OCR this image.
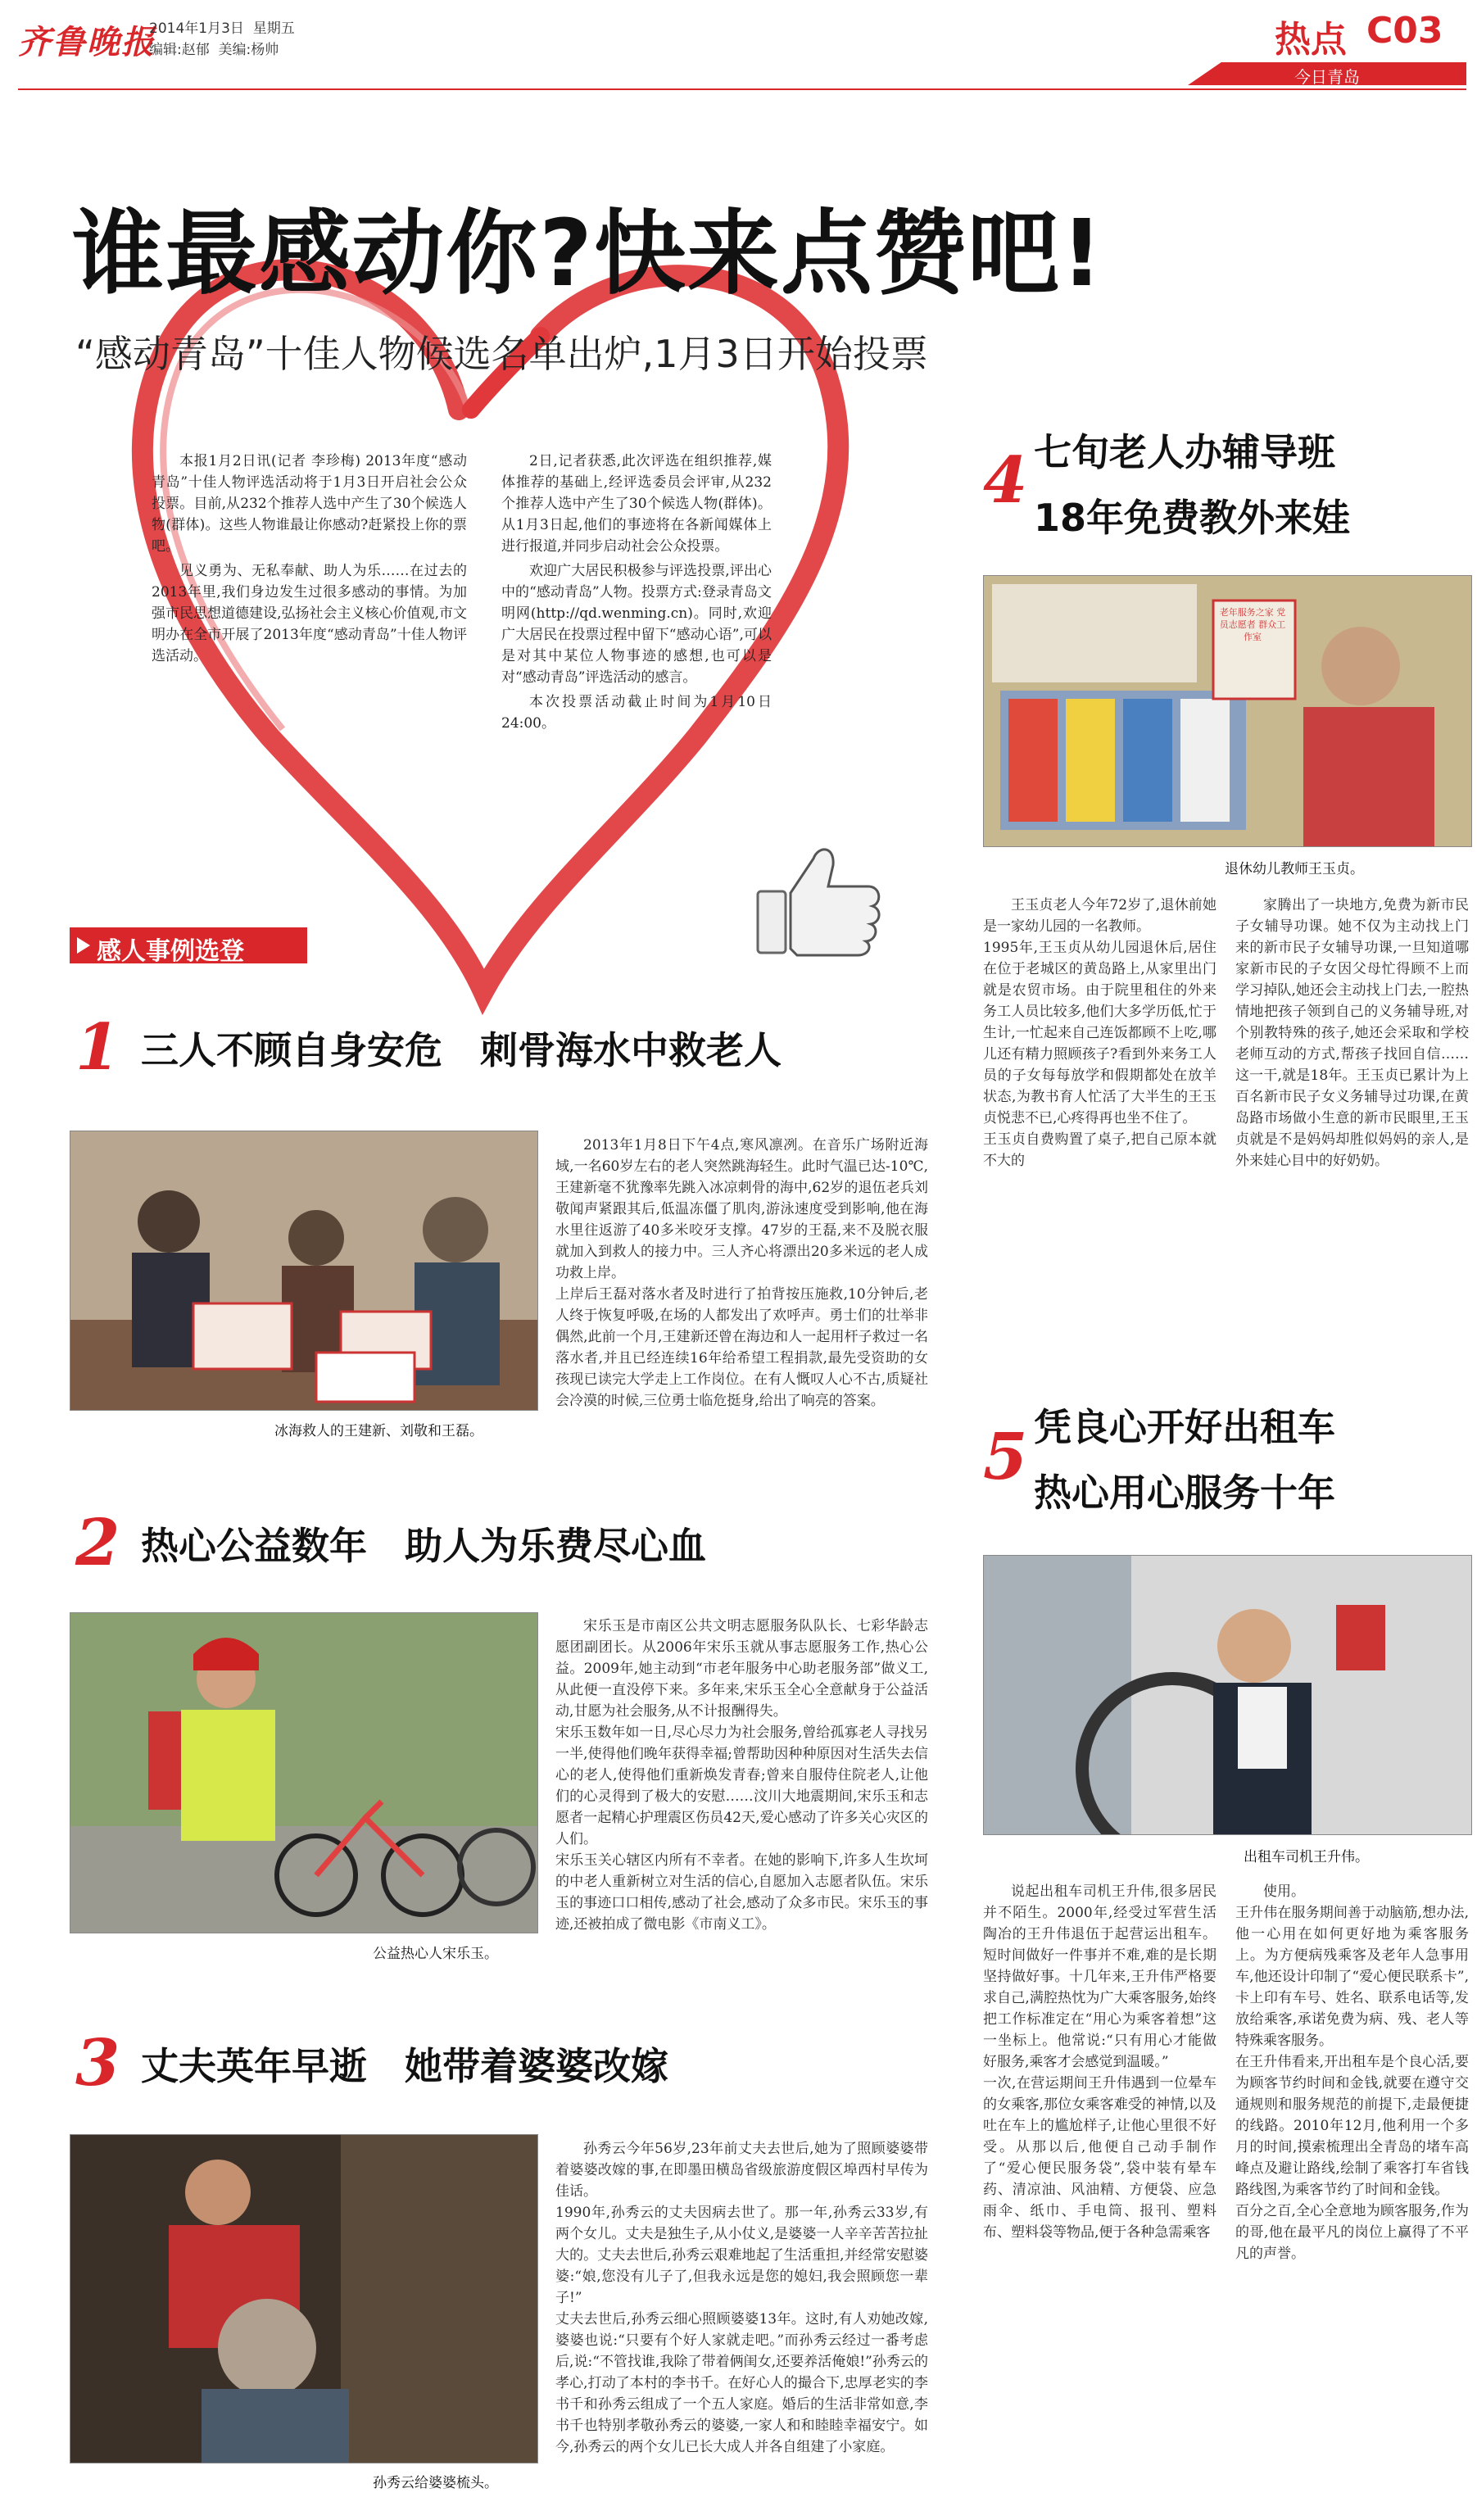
齐鲁晚报
2014年1月3日 星期五
编辑:赵郁 美编:杨帅	热点 C03
今日青岛
谁最感动你?快来点赞吧!
“感动青岛”十佳人物候选名单出炉,1月3日开始投票
本报1月2日讯(记者 李珍梅) 2013年度“感动青岛”十佳人物评选活动将于1月3日开启社会公众投票。目前,从232个推荐人选中产生了30个候选人物(群体)。这些人物谁最让你感动?赶紧投上你的票吧。
见义勇为、无私奉献、助人为乐……在过去的2013年里,我们身边发生过很多感动的事情。为加强市民思想道德建设,弘扬社会主义核心价值观,市文明办在全市开展了2013年度“感动青岛”十佳人物评选活动。
2日,记者获悉,此次评选在组织推荐,媒体推荐的基础上,经评选委员会评审,从232个推荐人选中产生了30个候选人物(群体)。从1月3日起,他们的事迹将在各新闻媒体上进行报道,并同步启动社会公众投票。
欢迎广大居民积极参与评选投票,评出心中的“感动青岛”人物。投票方式:登录青岛文明网(http://qd.wenming.cn)。同时,欢迎广大居民在投票过程中留下“感动心语”,可以是对其中某位人物事迹的感想,也可以是对“感动青岛”评选活动的感言。
本次投票活动截止时间为1月10日24:00。
感人事例选登
1 三人不顾自身安危　刺骨海水中救老人
冰海救人的王建新、刘敬和王磊。
2013年1月8日下午4点,寒风凛冽。在音乐广场附近海域,一名60岁左右的老人突然跳海轻生。此时气温已达-10℃,王建新毫不犹豫率先跳入冰凉刺骨的海中,62岁的退伍老兵刘敬闻声紧跟其后,低温冻僵了肌肉,游泳速度受到影响,他在海水里往返游了40多米咬牙支撑。47岁的王磊,来不及脱衣服就加入到救人的接力中。三人齐心将漂出20多米远的老人成功救上岸。
上岸后王磊对落水者及时进行了拍背按压施救,10分钟后,老人终于恢复呼吸,在场的人都发出了欢呼声。勇士们的壮举非偶然,此前一个月,王建新还曾在海边和人一起用杆子救过一名落水者,并且已经连续16年给希望工程捐款,最先受资助的女孩现已读完大学走上工作岗位。在有人慨叹人心不古,质疑社会冷漠的时候,三位勇士临危挺身,给出了响亮的答案。
2 热心公益数年　助人为乐费尽心血
公益热心人宋乐玉。
宋乐玉是市南区公共文明志愿服务队队长、七彩华龄志愿团副团长。从2006年宋乐玉就从事志愿服务工作,热心公益。2009年,她主动到“市老年服务中心助老服务部”做义工,从此便一直没停下来。多年来,宋乐玉全心全意献身于公益活动,甘愿为社会服务,从不计报酬得失。
宋乐玉数年如一日,尽心尽力为社会服务,曾给孤寡老人寻找另一半,使得他们晚年获得幸福;曾帮助因种种原因对生活失去信心的老人,使得他们重新焕发青春;曾来自服侍住院老人,让他们的心灵得到了极大的安慰……汶川大地震期间,宋乐玉和志愿者一起精心护理震区伤员42天,爱心感动了许多关心灾区的人们。
宋乐玉关心辖区内所有不幸者。在她的影响下,许多人生坎坷的中老人重新树立对生活的信心,自愿加入志愿者队伍。宋乐玉的事迹口口相传,感动了社会,感动了众多市民。宋乐玉的事迹,还被拍成了微电影《市南义工》。
3 丈夫英年早逝　她带着婆婆改嫁
孙秀云给婆婆梳头。
孙秀云今年56岁,23年前丈夫去世后,她为了照顾婆婆带着婆婆改嫁的事,在即墨田横岛省级旅游度假区埠西村早传为佳话。
1990年,孙秀云的丈夫因病去世了。那一年,孙秀云33岁,有两个女儿。丈夫是独生子,从小仗义,是婆婆一人辛辛苦苦拉扯大的。丈夫去世后,孙秀云艰难地起了生活重担,并经常安慰婆婆:“娘,您没有儿子了,但我永远是您的媳妇,我会照顾您一辈子!”
丈夫去世后,孙秀云细心照顾婆婆13年。这时,有人劝她改嫁,婆婆也说:“只要有个好人家就走吧。”而孙秀云经过一番考虑后,说:“不管找谁,我除了带着俩闺女,还要养活俺娘!”孙秀云的孝心,打动了本村的李书千。在好心人的撮合下,忠厚老实的李书千和孙秀云组成了一个五人家庭。婚后的生活非常如意,李书千也特别孝敬孙秀云的婆婆,一家人和和睦睦幸福安宁。如今,孙秀云的两个女儿已长大成人并各自组建了小家庭。
4 七旬老人办辅导班
18年免费教外来娃
老年服务之家 党员志愿者 群众工作室
退休幼儿教师王玉贞。
王玉贞老人今年72岁了,退休前她是一家幼儿园的一名教师。
1995年,王玉贞从幼儿园退休后,居住在位于老城区的黄岛路上,从家里出门就是农贸市场。由于院里租住的外来务工人员比较多,他们大多学历低,忙于生计,一忙起来自己连饭都顾不上吃,哪儿还有精力照顾孩子?看到外来务工人员的子女每每放学和假期都处在放羊状态,为教书育人忙活了大半生的王玉贞悦悲不已,心疼得再也坐不住了。
王玉贞自费购置了桌子,把自己原本就不大的
家腾出了一块地方,免费为新市民子女辅导功课。她不仅为主动找上门来的新市民子女辅导功课,一旦知道哪家新市民的子女因父母忙得顾不上而学习掉队,她还会主动找上门去,一腔热情地把孩子领到自己的义务辅导班,对个别教特殊的孩子,她还会采取和学校老师互动的方式,帮孩子找回自信……这一干,就是18年。王玉贞已累计为上百名新市民子女义务辅导过功课,在黄岛路市场做小生意的新市民眼里,王玉贞就是不是妈妈却胜似妈妈的亲人,是外来娃心目中的好奶奶。
5 凭良心开好出租车
热心用心服务十年
出租车司机王升伟。
说起出租车司机王升伟,很多居民并不陌生。2000年,经受过军营生活陶冶的王升伟退伍于起营运出租车。短时间做好一件事并不难,难的是长期坚持做好事。十几年来,王升伟严格要求自己,满腔热忱为广大乘客服务,始终把工作标准定在“用心为乘客着想”这一坐标上。他常说:“只有用心才能做好服务,乘客才会感觉到温暖。”
一次,在营运期间王升伟遇到一位晕车的女乘客,那位女乘客难受的神情,以及吐在车上的尴尬样子,让他心里很不好受。从那以后,他便自己动手制作了“爱心便民服务袋”,袋中装有晕车药、清凉油、风油精、方便袋、应急雨伞、纸巾、手电筒、报刊、塑料布、塑料袋等物品,便于各种急需乘客
使用。
王升伟在服务期间善于动脑筋,想办法,他一心用在如何更好地为乘客服务上。为方便病残乘客及老年人急事用车,他还设计印制了“爱心便民联系卡”,卡上印有车号、姓名、联系电话等,发放给乘客,承诺免费为病、残、老人等特殊乘客服务。
在王升伟看来,开出租车是个良心活,要为顾客节约时间和金钱,就要在遵守交通规则和服务规范的前提下,走最便捷的线路。2010年12月,他利用一个多月的时间,摸索梳理出全青岛的堵车高峰点及避让路线,绘制了乘客打车省钱路线图,为乘客节约了时间和金钱。
百分之百,全心全意地为顾客服务,作为的哥,他在最平凡的岗位上赢得了不平凡的声誉。
